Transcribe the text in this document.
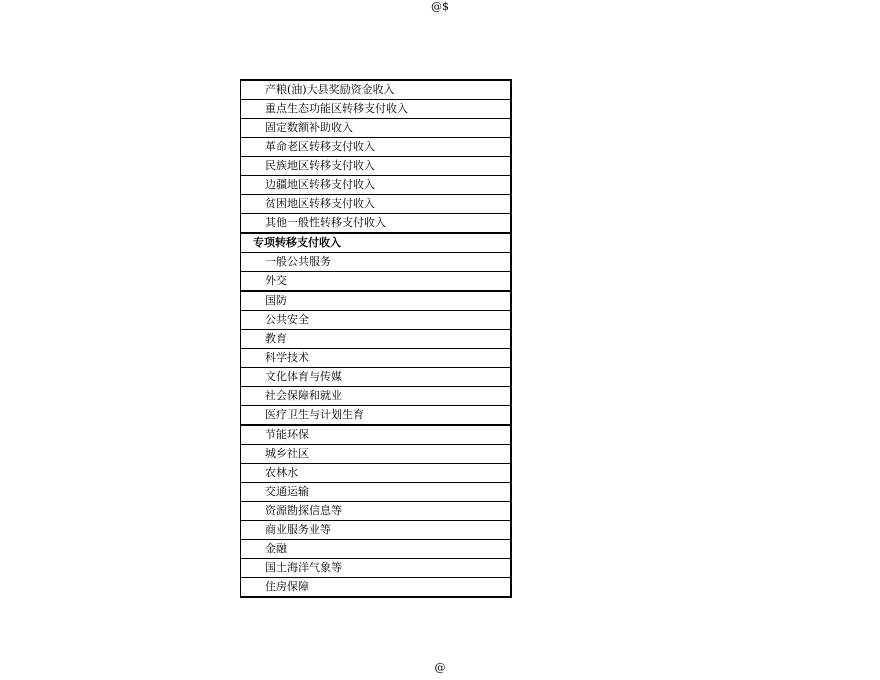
@$
产粮(油)大县奖励资金收入
重点生态功能区转移支付收入
固定数额补助收入
革命老区转移支付收入
民族地区转移支付收入
边疆地区转移支付收入
贫困地区转移支付收入
其他一般性转移支付收入
专项转移支付收入
一般公共服务
外交
国防
公共安全
教育
科学技术
文化体育与传媒
社会保障和就业
医疗卫生与计划生育
节能环保
城乡社区
农林水
交通运输
资源勘探信息等
商业服务业等
金融
国土海洋气象等
住房保障
@
